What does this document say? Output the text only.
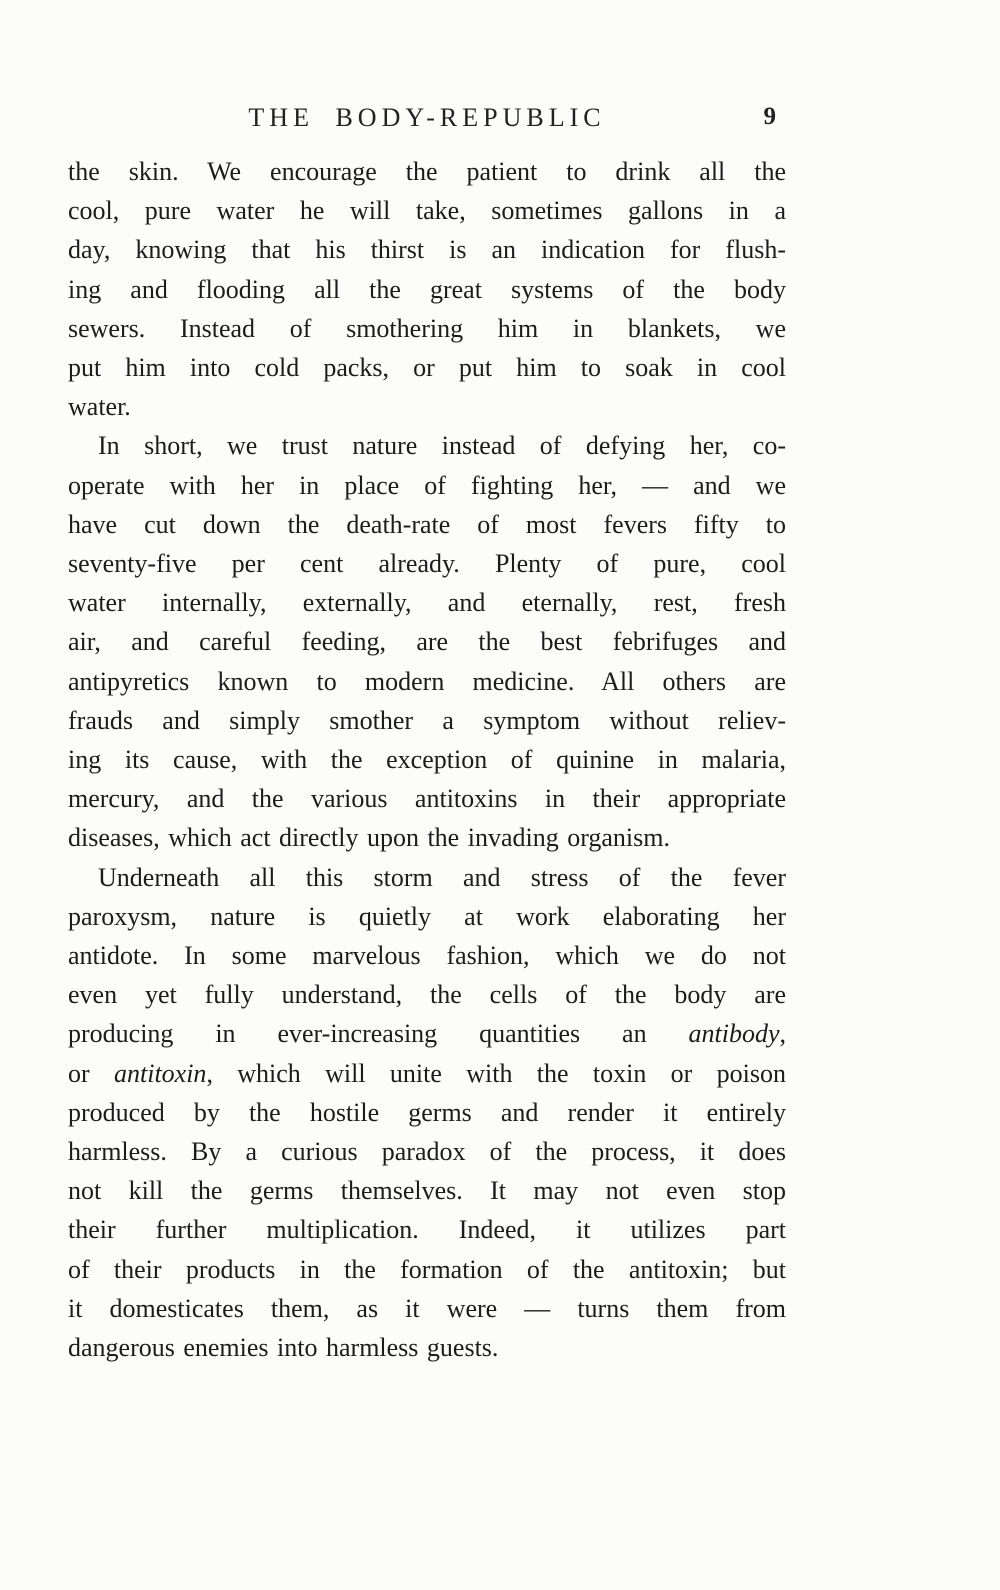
THE BODY-REPUBLIC	9

the skin. We encourage the patient to drink all the
cool, pure water he will take, sometimes gallons in a
day, knowing that his thirst is an indication for flush-
ing and flooding all the great systems of the body
sewers. Instead of smothering him in blankets, we
put him into cold packs, or put him to soak in cool
water.

In short, we trust nature instead of defying her, co-
operate with her in place of fighting her, — and we
have cut down the death-rate of most fevers fifty to
seventy-five per cent already. Plenty of pure, cool
water internally, externally, and eternally, rest, fresh
air, and careful feeding, are the best febrifuges and
antipyretics known to modern medicine. All others are
frauds and simply smother a symptom without reliev-
ing its cause, with the exception of quinine in malaria,
mercury, and the various antitoxins in their appropriate
diseases, which act directly upon the invading organism.

Underneath all this storm and stress of the fever
paroxysm, nature is quietly at work elaborating her
antidote. In some marvelous fashion, which we do not
even yet fully understand, the cells of the body are
producing in ever-increasing quantities an antibody,
or antitoxin, which will unite with the toxin or poison
produced by the hostile germs and render it entirely
harmless. By a curious paradox of the process, it does
not kill the germs themselves. It may not even stop
their further multiplication. Indeed, it utilizes part
of their products in the formation of the antitoxin; but
it domesticates them, as it were — turns them from
dangerous enemies into harmless guests.
